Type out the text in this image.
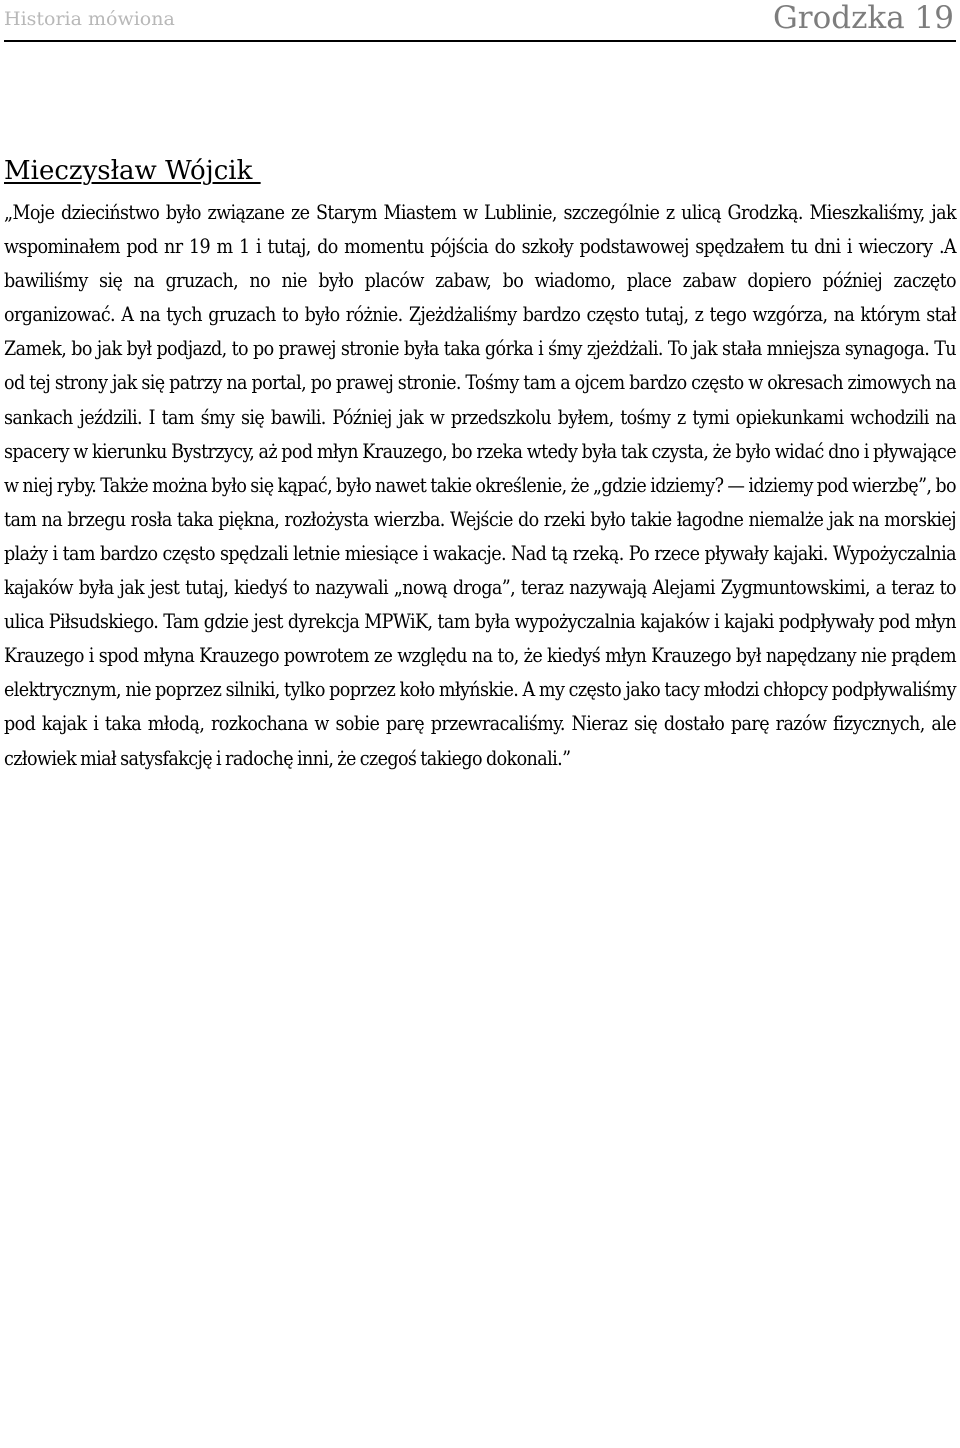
Historia mówiona	Grodzka 19
Mieczysław Wójcik

„Moje dzieciństwo było związane ze Starym Miastem w Lublinie, szczególnie z ulicą Grodzką. Mieszkaliśmy, jak wspominałem pod nr 19 m 1 i tutaj, do momentu pójścia do szkoły podstawowej spędzałem tu dni i wieczory .A bawiliśmy się na gruzach, no nie było placów zabaw, bo wiadomo, place zabaw dopiero później zaczęto organizować. A na tych gruzach to było różnie. Zjeżdżaliśmy bardzo często tutaj, z tego wzgórza, na którym stał Zamek, bo jak był podjazd, to po prawej stronie była taka górka i śmy zjeżdżali. To jak stała mniejsza synagoga. Tu od tej strony jak się patrzy na portal, po prawej stronie. Tośmy tam a ojcem bardzo często w okresach zimowych na sankach jeździli. I tam śmy się bawili. Później jak w przedszkolu byłem, tośmy z tymi opiekunkami wchodzili na spacery w kierunku Bystrzycy, aż pod młyn Krauzego, bo rzeka wtedy była tak czysta, że było widać dno i pływające w niej ryby. Także można było się kąpać, było nawet takie określenie, że „gdzie idziemy? — idziemy pod wierzbę”, bo tam na brzegu rosła taka piękna, rozłożysta wierzba. Wejście do rzeki było takie łagodne niemalże jak na morskiej plaży i tam bardzo często spędzali letnie miesiące i wakacje. Nad tą rzeką. Po rzece pływały kajaki. Wypożyczalnia kajaków była jak jest tutaj, kiedyś to nazywali „nową droga”, teraz nazywają Alejami Zygmuntowskimi, a teraz to ulica Piłsudskiego. Tam gdzie jest dyrekcja MPWiK, tam była wypożyczalnia kajaków i kajaki podpływały pod młyn Krauzego i spod młyna Krauzego powrotem ze względu na to, że kiedyś młyn Krauzego był napędzany nie prądem elektrycznym, nie poprzez silniki, tylko poprzez koło młyńskie. A my często jako tacy młodzi chłopcy podpływaliśmy pod kajak i taka młodą, rozkochana w sobie parę przewracaliśmy. Nieraz się dostało parę razów fizycznych, ale człowiek miał satysfakcję i radochę inni, że czegoś takiego dokonali.”
